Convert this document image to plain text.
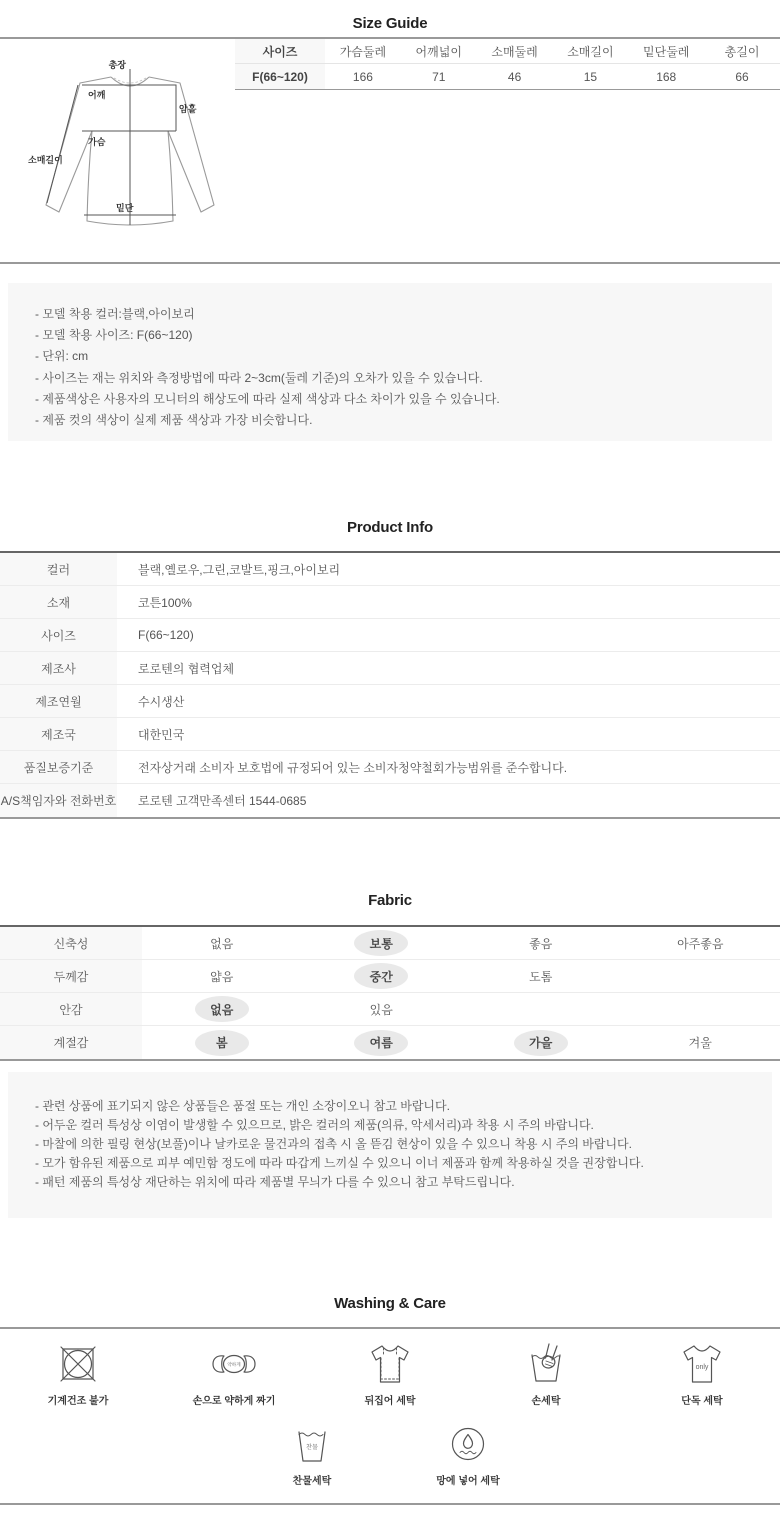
Size Guide
총장
어깨
암홀
가슴
소매길이
밑단
사이즈	가슴둘레	어깨넓이	소매둘레	소매길이	밑단둘레	총길이
F(66~120)	166	71	46	15	168	66

- 모델 착용 컬러:블랙,아이보리

- 모델 착용 사이즈: F(66~120)

- 단위: cm

- 사이즈는 재는 위치와 측정방법에 따라 2~3cm(둘레 기준)의 오차가 있을 수 있습니다.

- 제품색상은 사용자의 모니터의 해상도에 따라 실제 색상과 다소 차이가 있을 수 있습니다.

- 제품 컷의 색상이 실제 제품 색상과 가장 비슷합니다.

Product Info
컬러	블랙,옐로우,그린,코발트,핑크,아이보리
소재	코튼100%
사이즈	F(66~120)
제조사	로로텐의 협력업체
제조연월	수시생산
제조국	대한민국
품질보증기준	전자상거래 소비자 보호법에 규정되어 있는 소비자청약철회가능범위를 준수합니다.
A/S책임자와 전화번호	로로텐 고객만족센터 1544-0685
Fabric
신축성	없음	보통	좋음	아주좋음
두께감	얇음	중간	도톰
안감	없음	있음
계절감	봄	여름	가을	겨울

- 관련 상품에 표기되지 않은 상품들은 품절 또는 개인 소장이오니 참고 바랍니다.

- 어두운 컬러 특성상 이염이 발생할 수 있으므로, 밝은 컬러의 제품(의류, 악세서리)과 착용 시 주의 바랍니다.

- 마찰에 의한 필링 현상(보풀)이나 날카로운 물건과의 접촉 시 올 뜯김 현상이 있을 수 있으니 착용 시 주의 바랍니다.

- 모가 함유된 제품으로 피부 예민함 정도에 따라 따갑게 느끼실 수 있으니 이너 제품과 함께 착용하실 것을 권장합니다.

- 패턴 제품의 특성상 재단하는 위치에 따라 제품별 무늬가 다를 수 있으니 참고 부탁드립니다.

Washing & Care
기계건조 불가
약하게
손으로 약하게 짜기	뒤집어 세탁	손세탁
only
단독 세탁
찬물
찬물세탁	망에 넣어 세탁
